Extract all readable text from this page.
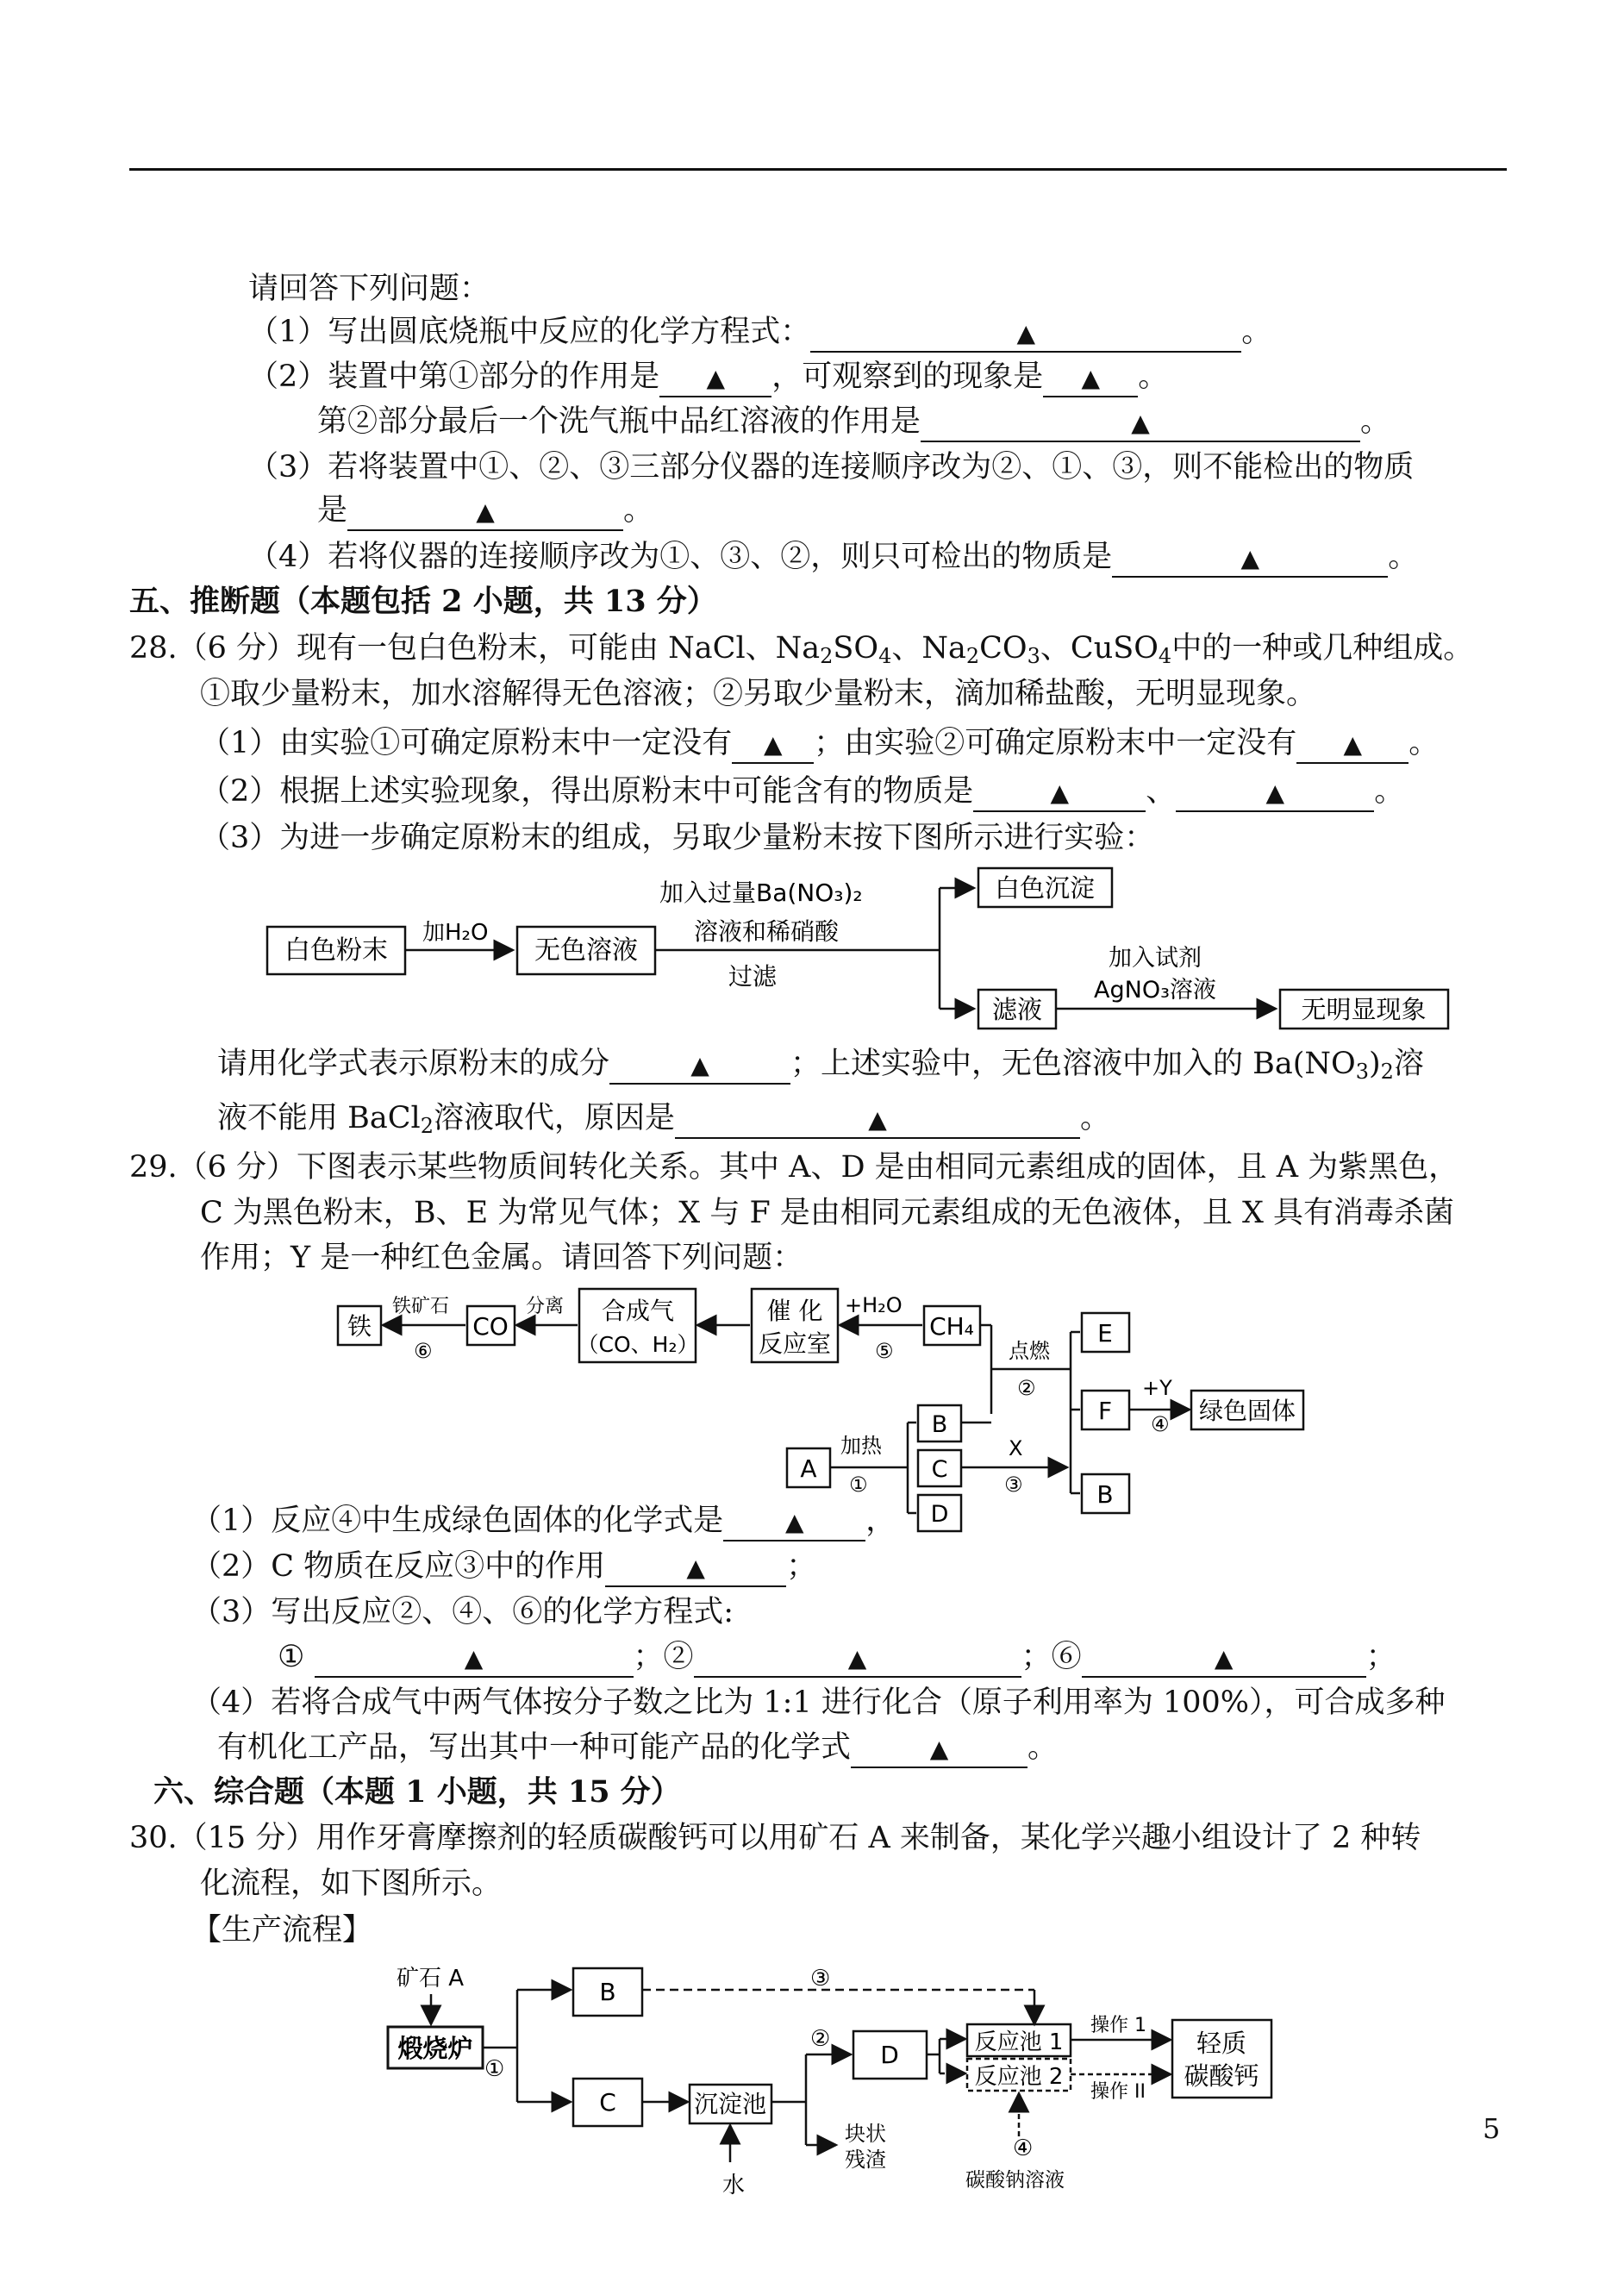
请回答下列问题：
（1）写出圆底烧瓶中反应的化学方程式：	▲	。
（2）装置中第①部分的作用是 ▲ ，可观察到的现象是 ▲ 。
第②部分最后一个洗气瓶中品红溶液的作用是	▲	。
（3）若将装置中①、②、③三部分仪器的连接顺序改为②、①、③，则不能检出的物质
是	▲	。
（4）若将仪器的连接顺序改为①、③、②，则只可检出的物质是	▲	。
五、推断题（本题包括 2 小题，共 13 分）
28.（6 分）现有一包白色粉末，可能由 NaCl、$Na_2SO_4$、$Na_2CO_3$、CuSO$_4$中的一种或几种组成。
①取少量粉末，加水溶解得无色溶液；②另取少量粉末，滴加稀盐酸，无明显现象。
（1）由实验①可确定原粉末中一定没有 ▲ ；由实验②可确定原粉末中一定没有 ▲ 。
（2）根据上述实验现象，得出原粉末中可能含有的物质是	▲	、	▲	。
（3）为进一步确定原粉末的组成，另取少量粉末按下图所示进行实验：
白色粉末
加H₂O
无色溶液
加入过量Ba(NO₃)₂
溶液和稀硝酸
过滤
白色沉淀
滤液
加入试剂
AgNO₃溶液
无明显现象
请用化学式表示原粉末的成分	▲	；上述实验中，无色溶液中加入的 $Ba(NO_3)_2$溶
液不能用 BaCl$_2$溶液取代，原因是	▲	。
29.（6 分）下图表示某些物质间转化关系。其中 A、D 是由相同元素组成的固体，且 A 为紫黑色，
C 为黑色粉末，B、E 为常见气体；X 与 F 是由相同元素组成的无色液体，且 X 具有消毒杀菌
作用；Y 是一种红色金属。请回答下列问题：
铁
铁矿石
⑥
CO
分离 合成气
（CO、H₂）
催 化
反应室
+H₂O
⑤
CH₄
点燃
②
E
F
B
+Y
④ 绿色固体
A
加热
①
B
C
D
X
③
（1）反应④中生成绿色固体的化学式是	▲ ，
（2）C 物质在反应③中的作用	▲	；
（3）写出反应②、④、⑥的化学方程式:
①	▲	；②	▲	；⑥	▲	；
（4）若将合成气中两气体按分子数之比为 1:1 进行化合（原子利用率为 100%），可合成多种
有机化工产品，写出其中一种可能产品的化学式	▲	。
六、综合题（本题 1 小题，共 15 分）
30.（15 分）用作牙膏摩擦剂的轻质碳酸钙可以用矿石 A 来制备，某化学兴趣小组设计了 2 种转
化流程，如下图所示。
【生产流程】
矿石 A
煅烧炉
①
B
C
③
沉淀池
水
②
块状
残渣
D	反应池 1
反应池 2
④
碳酸钠溶液
操作 1
操作 II
轻质
碳酸钙
5
